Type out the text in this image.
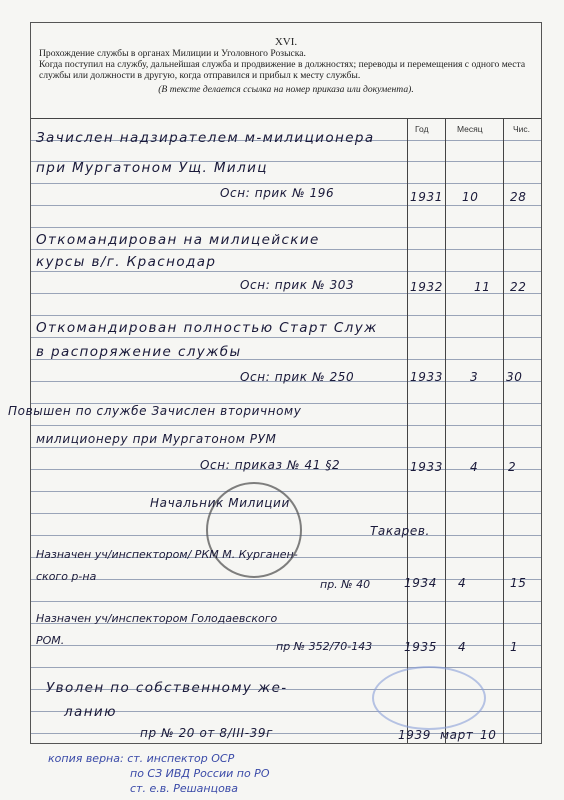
XVI.

Прохождение службы в органах Милиции и Уголовного Розыска.

Когда поступил на службу, дальнейшая служба и продвижение в должностях; переводы и перемещения с одного места службы или должности в другую, когда отправился и прибыл к месту службы.

(В тексте делается ссылка на номер приказа или документа).

Год	Месяц	Чис.
Зачислен надзирателем м-милиционера
при Мургатоном Ущ. Милиц
Осн: прик № 196	1931 10	28
Откомандирован на милицейские
курсы в/г. Краснодар
Осн: прик № 303	1932	11 22
Откомандирован полностью Старт Служ
в распоряжение службы
Осн: прик № 250	1933 3 30
Повышен по службе Зачислен вторичному
милиционеру при Мургатоном РУМ
Осн: приказ № 41 §2	1933 4 2
Начальник Милиции
Такарев.
Назначен уч/инспектором/ РКМ М. Курганен-
ского р-на
пр. № 40	1934 4	15
Назначен уч/инспектором Голодаевского
РОМ.	пр № 352/70-143	1935 4	1
Уволен по собственному же-
ланию
пр № 20 от 8/III-39г	1939 март 10
копия верна: ст. инспектор ОСР
по СЗ ИВД России по РО
ст. е.в. Решанцова
